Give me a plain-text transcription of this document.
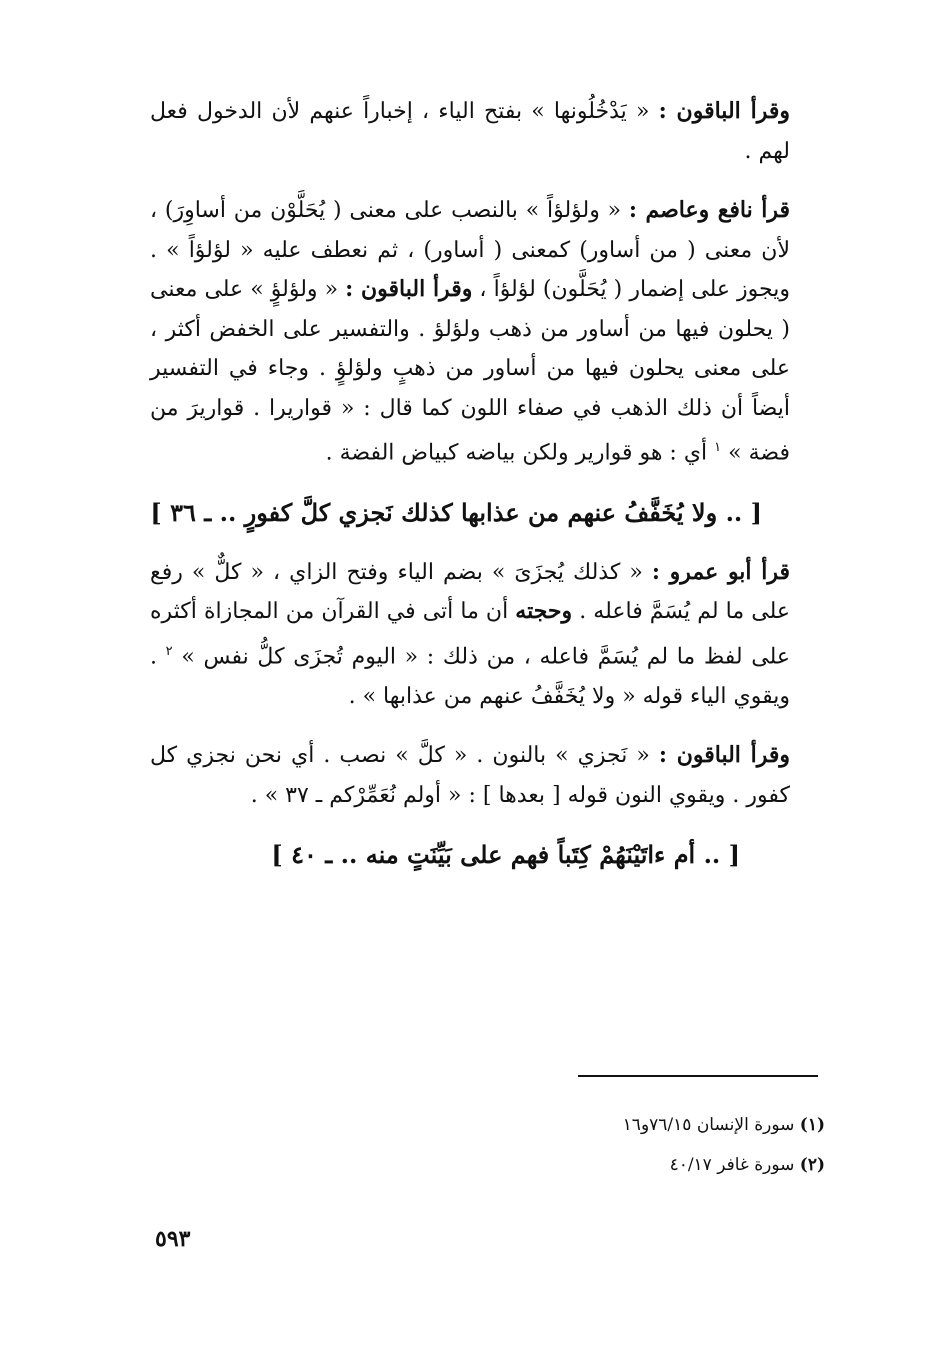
وقرأ الباقون : « يَدْخُلُونها » بفتح الياء ، إخباراً عنهم لأن الدخول فعل لهم .

قرأ نافع وعاصم : « ولؤلؤاً » بالنصب على معنى ( يُحَلَّوْن من أساوِرَ) ، لأن معنى ( من أساور) كمعنى ( أساور) ، ثم نعطف عليه « لؤلؤاً » . ويجوز على إضمار ( يُحَلَّون) لؤلؤاً ، وقرأ الباقون : « ولؤلؤٍ » على معنى ( يحلون فيها من أساور من ذهب ولؤلؤ . والتفسير على الخفض أكثر ، على معنى يحلون فيها من أساور من ذهبٍ ولؤلؤٍ . وجاء في التفسير أيضاً أن ذلك الذهب في صفاء اللون كما قال : « قواريرا . قواريرَ من فضة » $^١$ أي : هو قوارير ولكن بياضه كبياض الفضة .

[ .. ولا يُخَفَّفُ عنهم من عذابها كذلك نَجزي كلَّ كفورٍ .. ـ ٣٦ ]

قرأ أبو عمرو : « كذلك يُجزَىَ » بضم الياء وفتح الزاي ، « كلٌّ » رفع على ما لم يُسَمَّ فاعله . وحجته أن ما أتى في القرآن من المجازاة أكثره على لفظ ما لم يُسَمَّ فاعله ، من ذلك : « اليوم تُجزَى كلُّ نفس » $^٢$ . ويقوي الياء قوله « ولا يُخَفَّفُ عنهم من عذابها » .

وقرأ الباقون : « نَجزي » بالنون . « كلَّ » نصب . أي نحن نجزي كل كفور . ويقوي النون قوله [ بعدها ] : « أولم نُعَمِّرْكم ـ ٣٧ » .

[ .. أم ءاتَيْنَهُمْ كِتَباً فهم على بَيِّنَتٍ منه .. ـ ٤٠ ]

(١) سورة الإنسان ٧٦/١٥و١٦
(٢) سورة غافر ٤٠/١٧
٥٩٣
